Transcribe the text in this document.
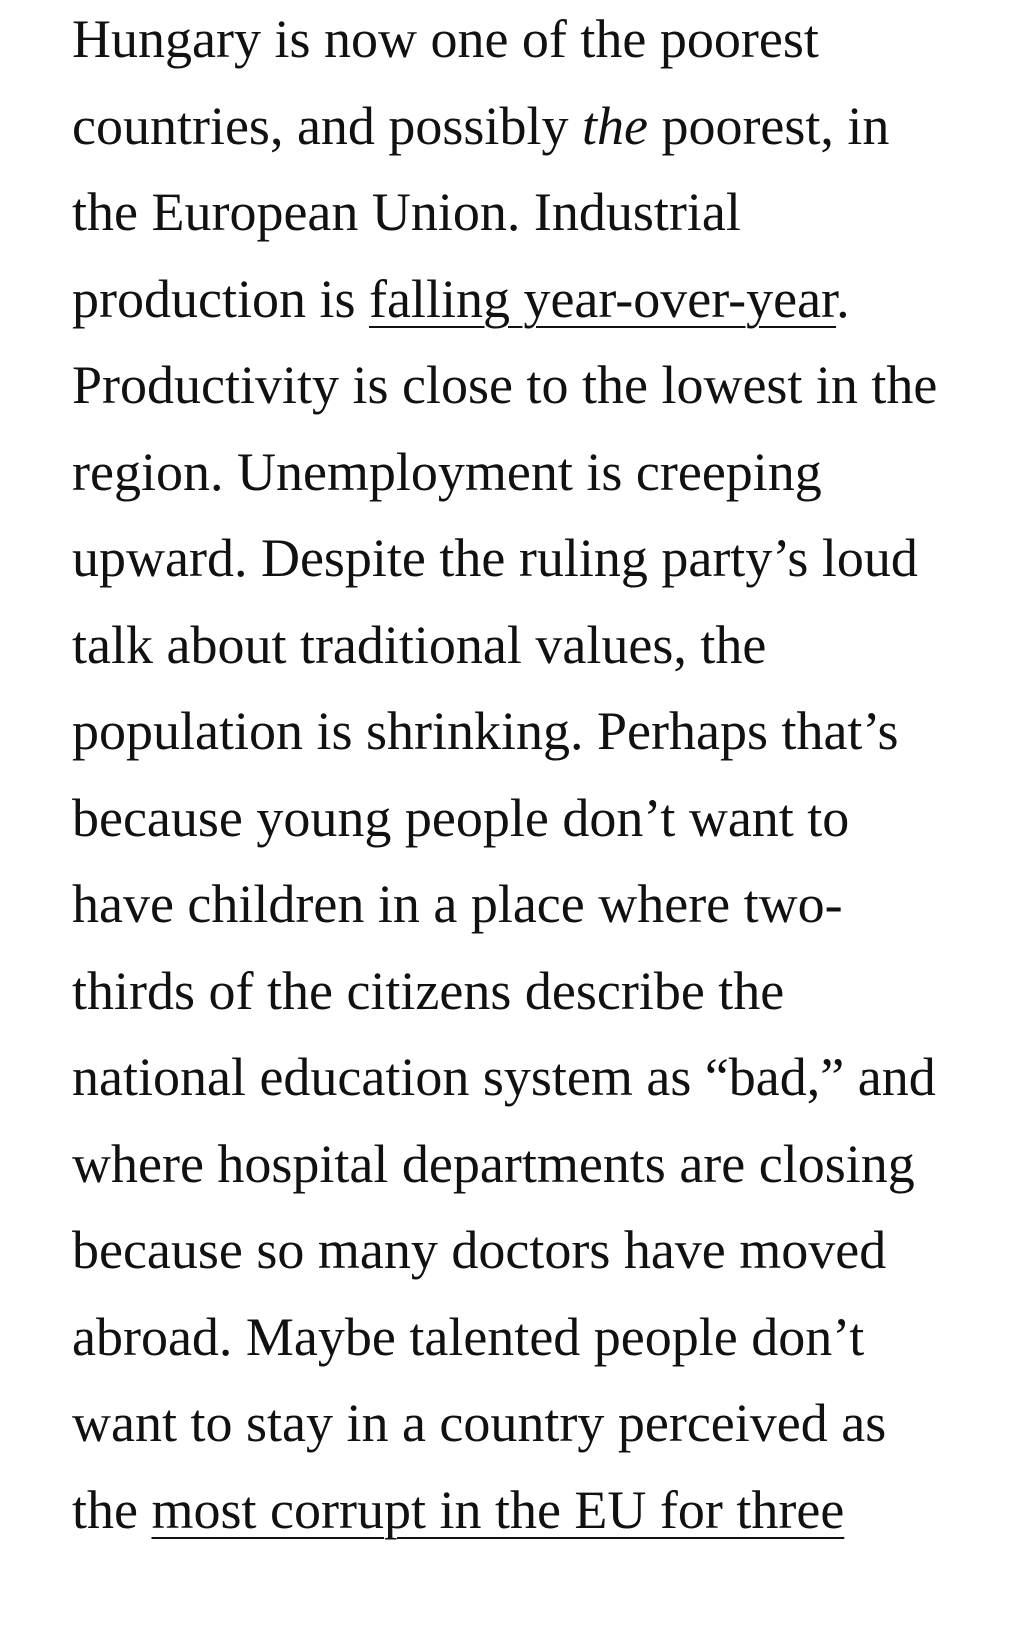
Hungary is now one of the poorest
countries, and possibly the poorest, in
the European Union. Industrial
production is falling year-over-year.
Productivity is close to the lowest in the
region. Unemployment is creeping
upward. Despite the ruling party’s loud
talk about traditional values, the
population is shrinking. Perhaps that’s
because young people don’t want to
have children in a place where two-
thirds of the citizens describe the
national education system as “bad,” and
where hospital departments are closing
because so many doctors have moved
abroad. Maybe talented people don’t
want to stay in a country perceived as
the most corrupt in the EU for three
